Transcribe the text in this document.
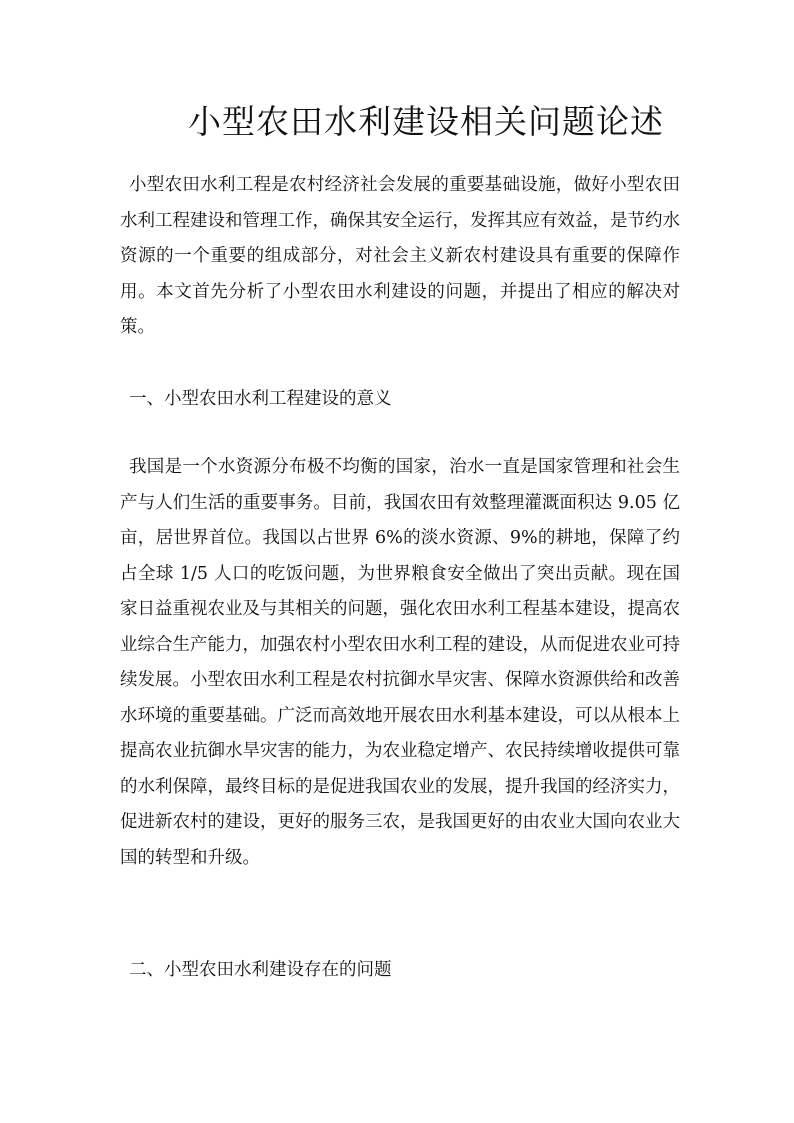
小型农田水利建设相关问题论述

小型农田水利工程是农村经济社会发展的重要基础设施，做好小型农田水利工程建设和管理工作，确保其安全运行，发挥其应有效益，是节约水资源的一个重要的组成部分，对社会主义新农村建设具有重要的保障作用。本文首先分析了小型农田水利建设的问题，并提出了相应的解决对策。

一、小型农田水利工程建设的意义

我国是一个水资源分布极不均衡的国家，治水一直是国家管理和社会生产与人们生活的重要事务。目前，我国农田有效整理灌溉面积达 9.05 亿亩，居世界首位。我国以占世界 6%的淡水资源、9%的耕地，保障了约占全球 1/5 人口的吃饭问题，为世界粮食安全做出了突出贡献。现在国家日益重视农业及与其相关的问题，强化农田水利工程基本建设，提高农业综合生产能力，加强农村小型农田水利工程的建设，从而促进农业可持续发展。小型农田水利工程是农村抗御水旱灾害、保障水资源供给和改善水环境的重要基础。广泛而高效地开展农田水利基本建设，可以从根本上提高农业抗御水旱灾害的能力，为农业稳定增产、农民持续增收提供可靠的水利保障，最终目标的是促进我国农业的发展，提升我国的经济实力，促进新农村的建设，更好的服务三农，是我国更好的由农业大国向农业大国的转型和升级。

二、小型农田水利建设存在的问题
